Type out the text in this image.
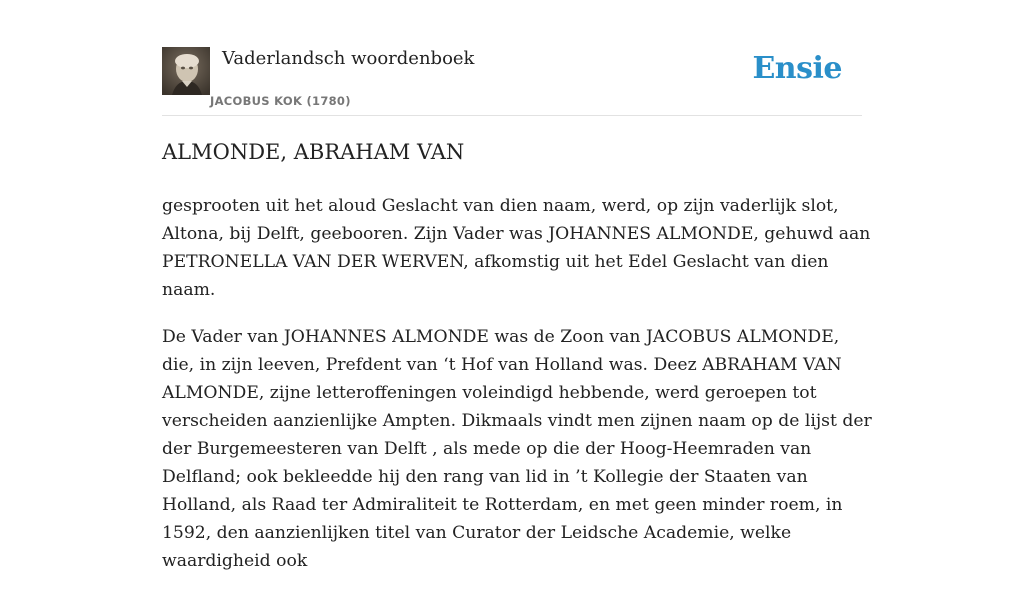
Vaderlandsch woordenboek
JACOBUS KOK (1780)
Ensie
ALMONDE, ABRAHAM VAN

gesprooten uit het aloud Geslacht van dien naam, werd, op zijn vaderlijk slot, Altona, bij Delft, geebooren. Zijn Vader was JOHANNES ALMONDE, gehuwd aan PETRONELLA VAN DER WERVEN, afkomstig uit het Edel Geslacht van dien naam.

De Vader van JOHANNES ALMONDE was de Zoon van JACOBUS ALMONDE, die, in zijn leeven, Prefdent van ‘t Hof van Holland was. Deez ABRAHAM VAN ALMONDE, zijne letteroffeningen voleindigd hebbende, werd geroepen tot verscheiden aanzienlijke Ampten. Dikmaals vindt men zijnen naam op de lijst der der Burgemeesteren van Delft , als mede op die der Hoog-Heemraden van Delfland; ook bekleedde hij den rang van lid in ’t Kollegie der Staaten van Holland, als Raad ter Admiraliteit te Rotterdam, en met geen minder roem, in 1592, den aanzienlijken titel van Curator der Leidsche Academie, welke waardigheid ook
